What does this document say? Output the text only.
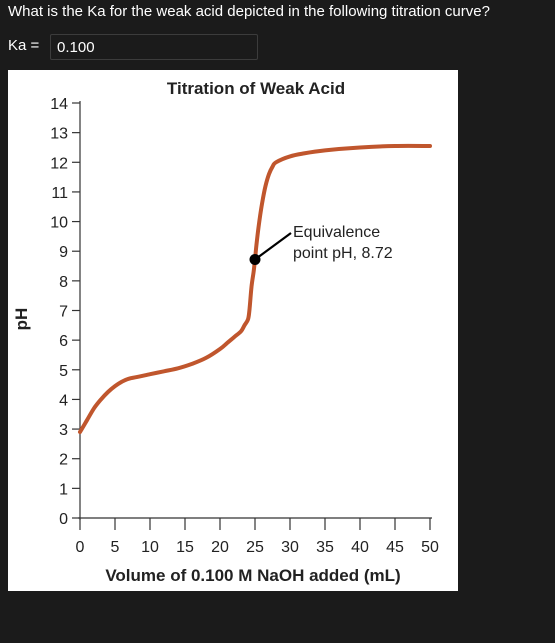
What is the Ka for the weak acid depicted in the following titration curve?
Ka =
0.100
Titration of Weak Acid
0
1
2
3
4
5
6
7
8
9
10
11
12
13
14
0 5 10 15 20 25 30 35 40 45 50
Equivalence
point pH, 8.72
Volume of 0.100 M NaOH added (mL)
pH
